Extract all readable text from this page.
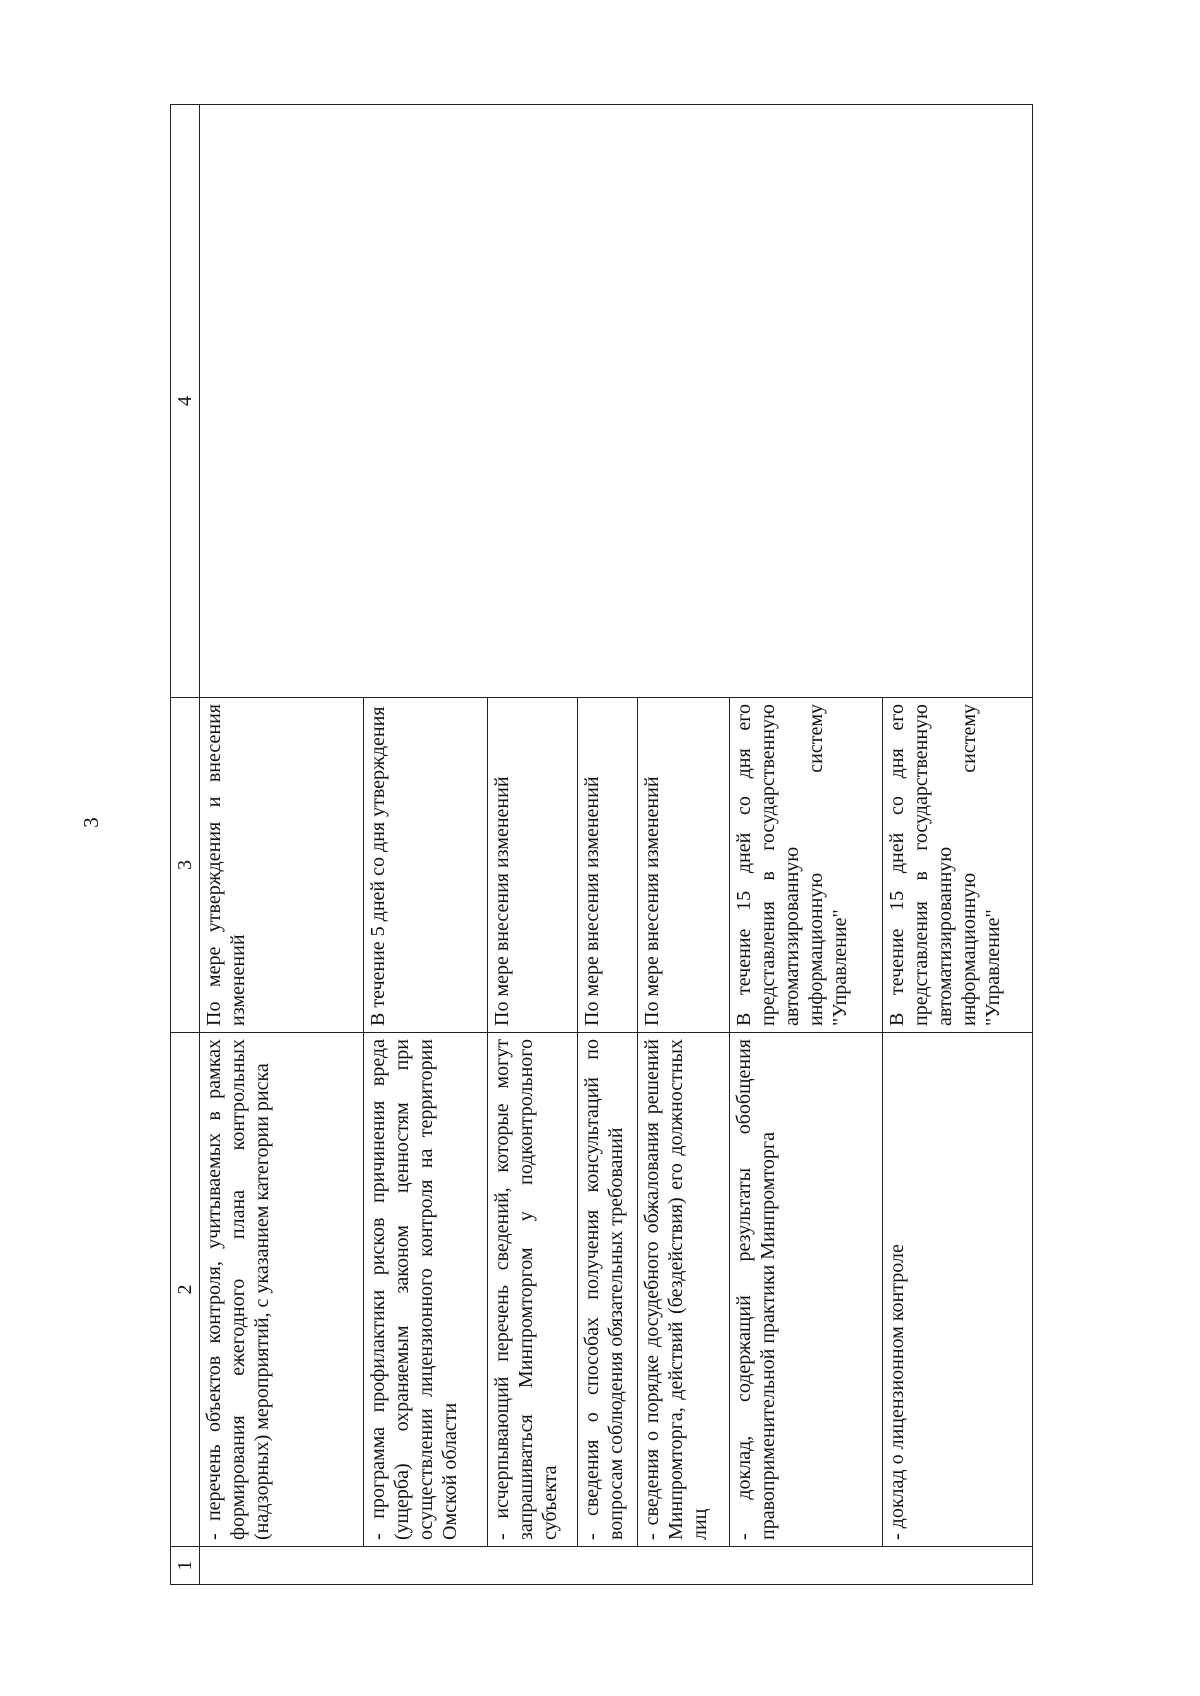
3
1	2	3	4
	- перечень объектов контроля, учитываемых в рамках формирования ежегодного плана контрольных (надзорных) мероприятий, с указанием категории риска	По мере утверждения и внесения изменений	
	- программа профилактики рисков причинения вреда (ущерба) охраняемым законом ценностям при осуществлении лицензионного контроля на территории Омской области	В течение 5 дней со дня утверждения	
	- исчерпывающий перечень сведений, которые могут запрашиваться Минпромторгом у подконтрольного субъекта	По мере внесения изменений	
	- сведения о способах получения консультаций по вопросам соблюдения обязательных требований	По мере внесения изменений	
	- сведения о порядке досудебного обжалования решений Минпромторга, действий (бездействия) его должностных лиц	По мере внесения изменений	
	- доклад, содержащий результаты обобщения правоприменительной практики Минпромторга	В течение 15 дней со дня его представления в государственную автоматизированную информационную систему "Управление"	
	- доклад о лицензионном контроле	В течение 15 дней со дня его представления в государственную автоматизированную информационную систему "Управление"	
